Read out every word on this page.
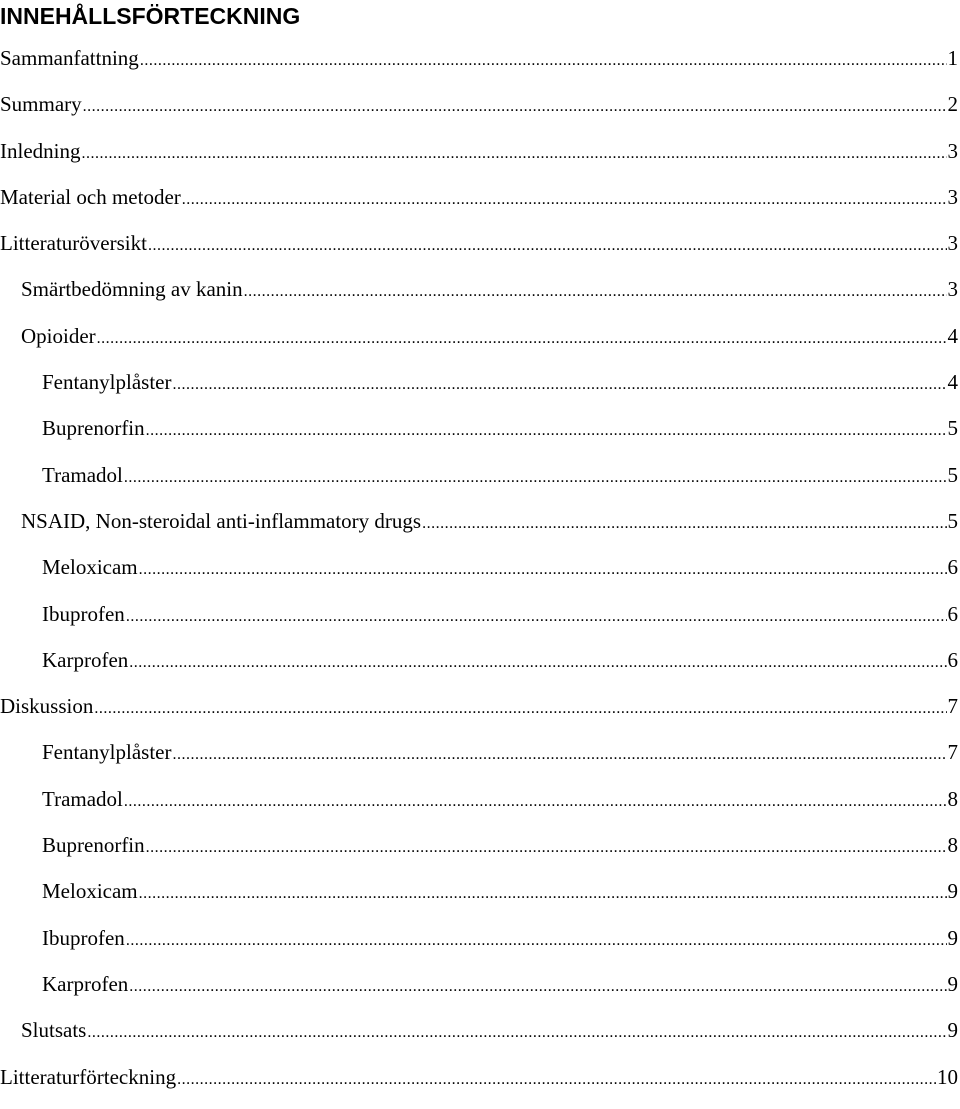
INNEHÅLLSFÖRTECKNING
Sammanfattning .....	1
Summary .....	2
Inledning .....	3
Material och metoder .....	3
Litteraturöversikt .....	3
Smärtbedömning av kanin .....	3
Opioider .....	4
Fentanylplåster .....	4
Buprenorfin .....	5
Tramadol .....	5
NSAID, Non-steroidal anti-inflammatory drugs .....	5
Meloxicam .....	6
Ibuprofen .....	6
Karprofen .....	6
Diskussion .....	7
Fentanylplåster .....	7
Tramadol .....	8
Buprenorfin .....	8
Meloxicam .....	9
Ibuprofen .....	9
Karprofen .....	9
Slutsats .....	9
Litteraturförteckning .....	10
